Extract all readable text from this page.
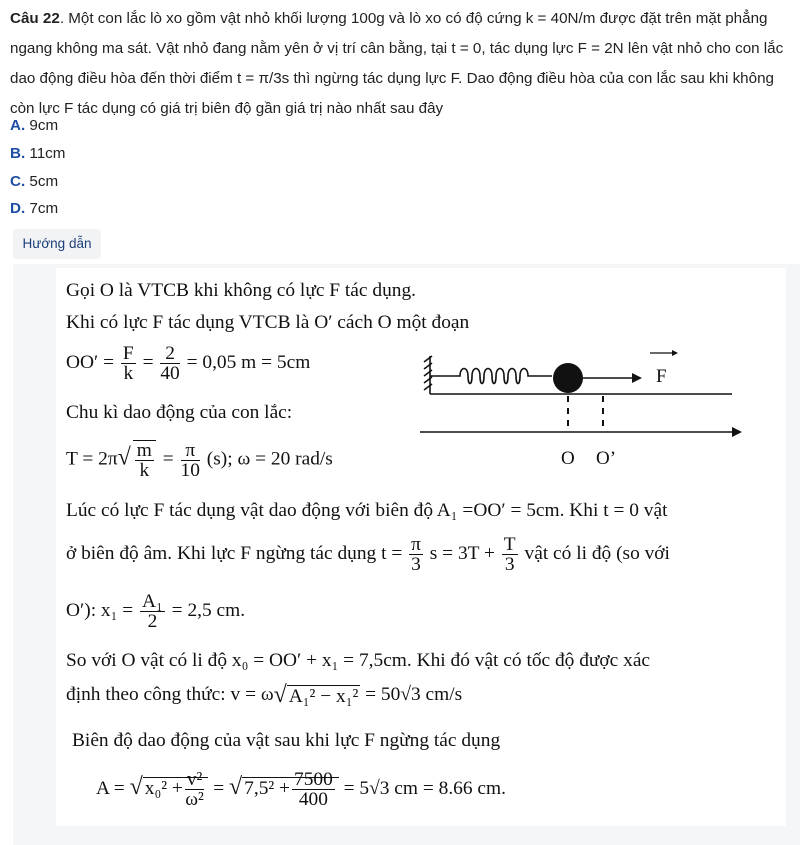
Câu 22. Một con lắc lò xo gồm vật nhỏ khối lượng 100g và lò xo có độ cứng k = 40N/m được đặt trên mặt phẳng ngang không ma sát. Vật nhỏ đang nằm yên ở vị trí cân bằng, tại t = 0, tác dụng lực F = 2N lên vật nhỏ cho con lắc dao động điều hòa đến thời điểm t = π/3s thì ngừng tác dụng lực F. Dao động điều hòa của con lắc sau khi không còn lực F tác dụng có giá trị biên độ gần giá trị nào nhất sau đây
A. 9cm
B. 11cm
C. 5cm
D. 7cm
Hướng dẫn
Gọi O là VTCB khi không có lực F tác dụng.
Khi có lực F tác dụng VTCB là O′ cách O một đoạn
$OO' = \frac{F}{k} = \frac{2}{40} = 0,05$ m = 5cm
Chu kì dao động của con lắc:
$T = 2\pi√ \frac{m}{k} = \frac{\pi}{10} (s)$; ω = 20 rad/s
Lúc có lực F tác dụng vật dao động với biên độ A₁ =OO′ = 5cm. Khi t = 0 vật
ở biên độ âm. Khi lực F ngừng tác dụng $t = \frac{\pi}{3}$ $s = 3T + \frac{T}{3}$ vật có li độ (so với
O′): $x_1 = \frac{\text{A₁}}{2} = 2,5$ cm.
So với O vật có li độ x₀ = OO′ + x₁ = 7,5cm. Khi đó vật có tốc độ được xác
định theo công thức: v = ω√ A₁² − x₁² = 50√3 cm/s
Biên độ dao động của vật sau khi lực F ngừng tác dụng
A = √ $x_0^2 + \frac{\text{v²}}{\text{ω²}}$ = √ $7,5^2 + \frac{7500}{400} = 5√3$ cm = 8.66 cm.
F
O O’
